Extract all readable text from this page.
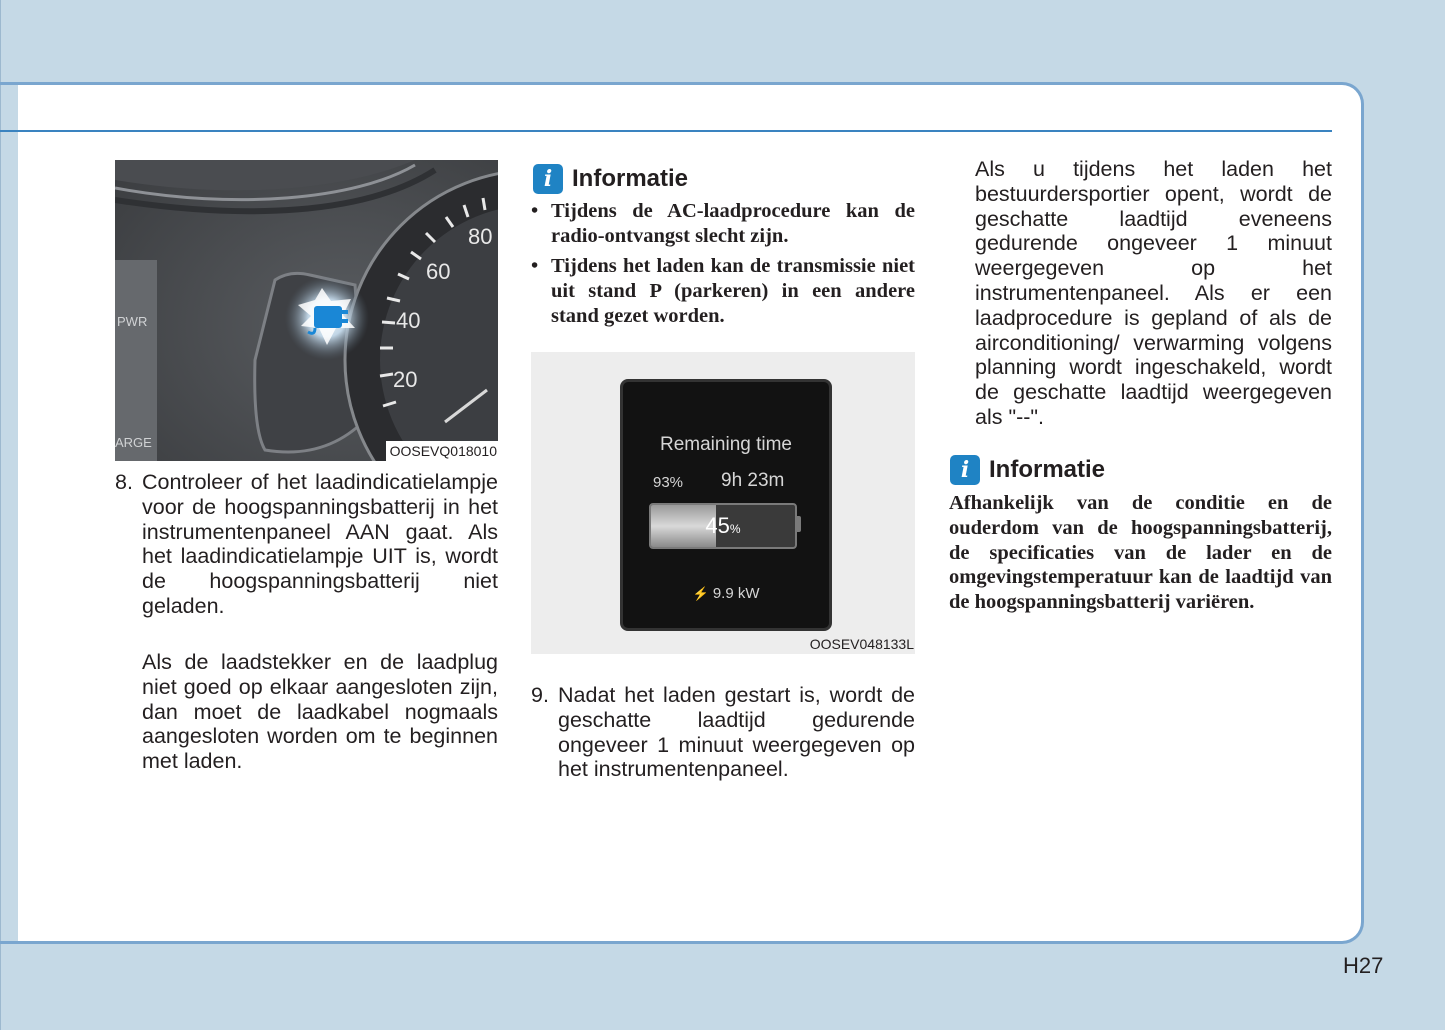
PWR
ARGE
80
60
40
20
OOSEVQ018010
8. Controleer of het laadindicatielampje voor de hoogspanningsbatterij in het instrumentenpaneel AAN gaat. Als het laadindicatielampje UIT is, wordt de hoogspanningsbatterij niet geladen.

Als de laadstekker en de laadplug niet goed op elkaar aangesloten zijn, dan moet de laadkabel nogmaals aangesloten worden om te beginnen met laden.

i Informatie
• Tijdens de AC-laadprocedure kan de radio-ontvangst slecht zijn.
• Tijdens het laden kan de transmissie niet uit stand P (parkeren) in een andere stand gezet worden.
Remaining time
93% 9h 23m
45%
⚡ 9.9 kW
OOSEV048133L
9. Nadat het laden gestart is, wordt de geschatte laadtijd gedurende ongeveer 1 minuut weergegeven op het instrumentenpaneel.

Als u tijdens het laden het bestuurdersportier opent, wordt de geschatte laadtijd eveneens gedurende ongeveer 1 minuut weergegeven op het instrumentenpaneel. Als er een laadprocedure is gepland of als de airconditioning/ verwarming volgens planning wordt ingeschakeld, wordt de geschatte laadtijd weergegeven als "--".

i Informatie

Afhankelijk van de conditie en de ouderdom van de hoogspanningsbatterij, de specificaties van de lader en de omgevingstemperatuur kan de laadtijd van de hoogspanningsbatterij variëren.

H27
